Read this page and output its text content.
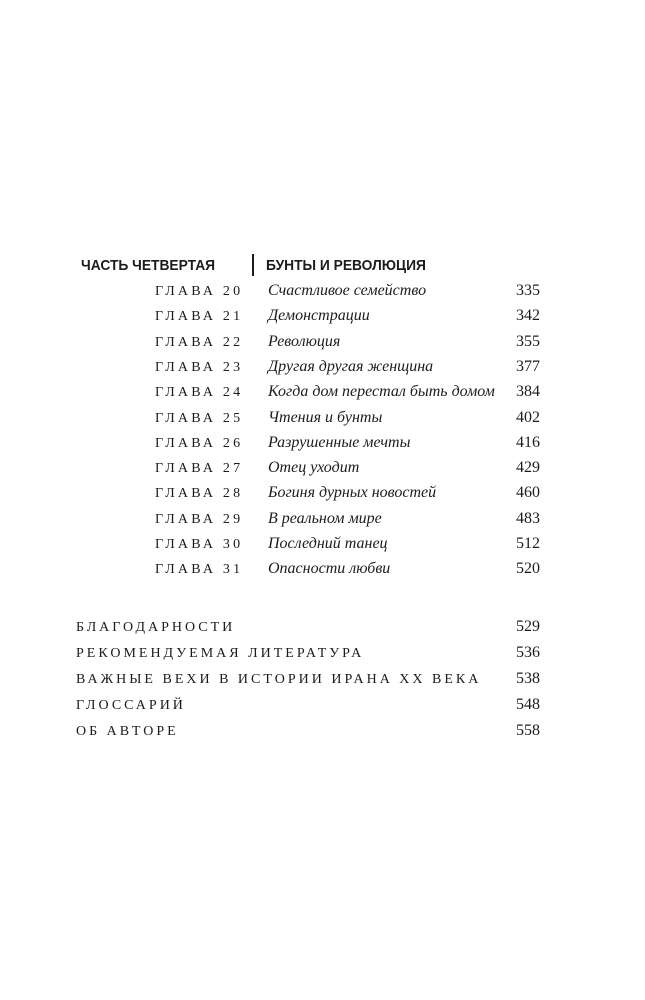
ЧАСТЬ ЧЕТВЕРТАЯ	БУНТЫ И РЕВОЛЮЦИЯ
ГЛАВА 20 Счастливое семейство	335
ГЛАВА 21 Демонстрации	342
ГЛАВА 22 Революция	355
ГЛАВА 23 Другая другая женщина	377
ГЛАВА 24 Когда дом перестал быть домом	384
ГЛАВА 25 Чтения и бунты	402
ГЛАВА 26 Разрушенные мечты	416
ГЛАВА 27 Отец уходит	429
ГЛАВА 28 Богиня дурных новостей	460
ГЛАВА 29 В реальном мире	483
ГЛАВА 30 Последний танец	512
ГЛАВА 31 Опасности любви	520
БЛАГОДАРНОСТИ	529
РЕКОМЕНДУЕМАЯ ЛИТЕРАТУРА	536
ВАЖНЫЕ ВЕХИ В ИСТОРИИ ИРАНА XX ВЕКА	538
ГЛОССАРИЙ	548
ОБ АВТОРЕ	558
